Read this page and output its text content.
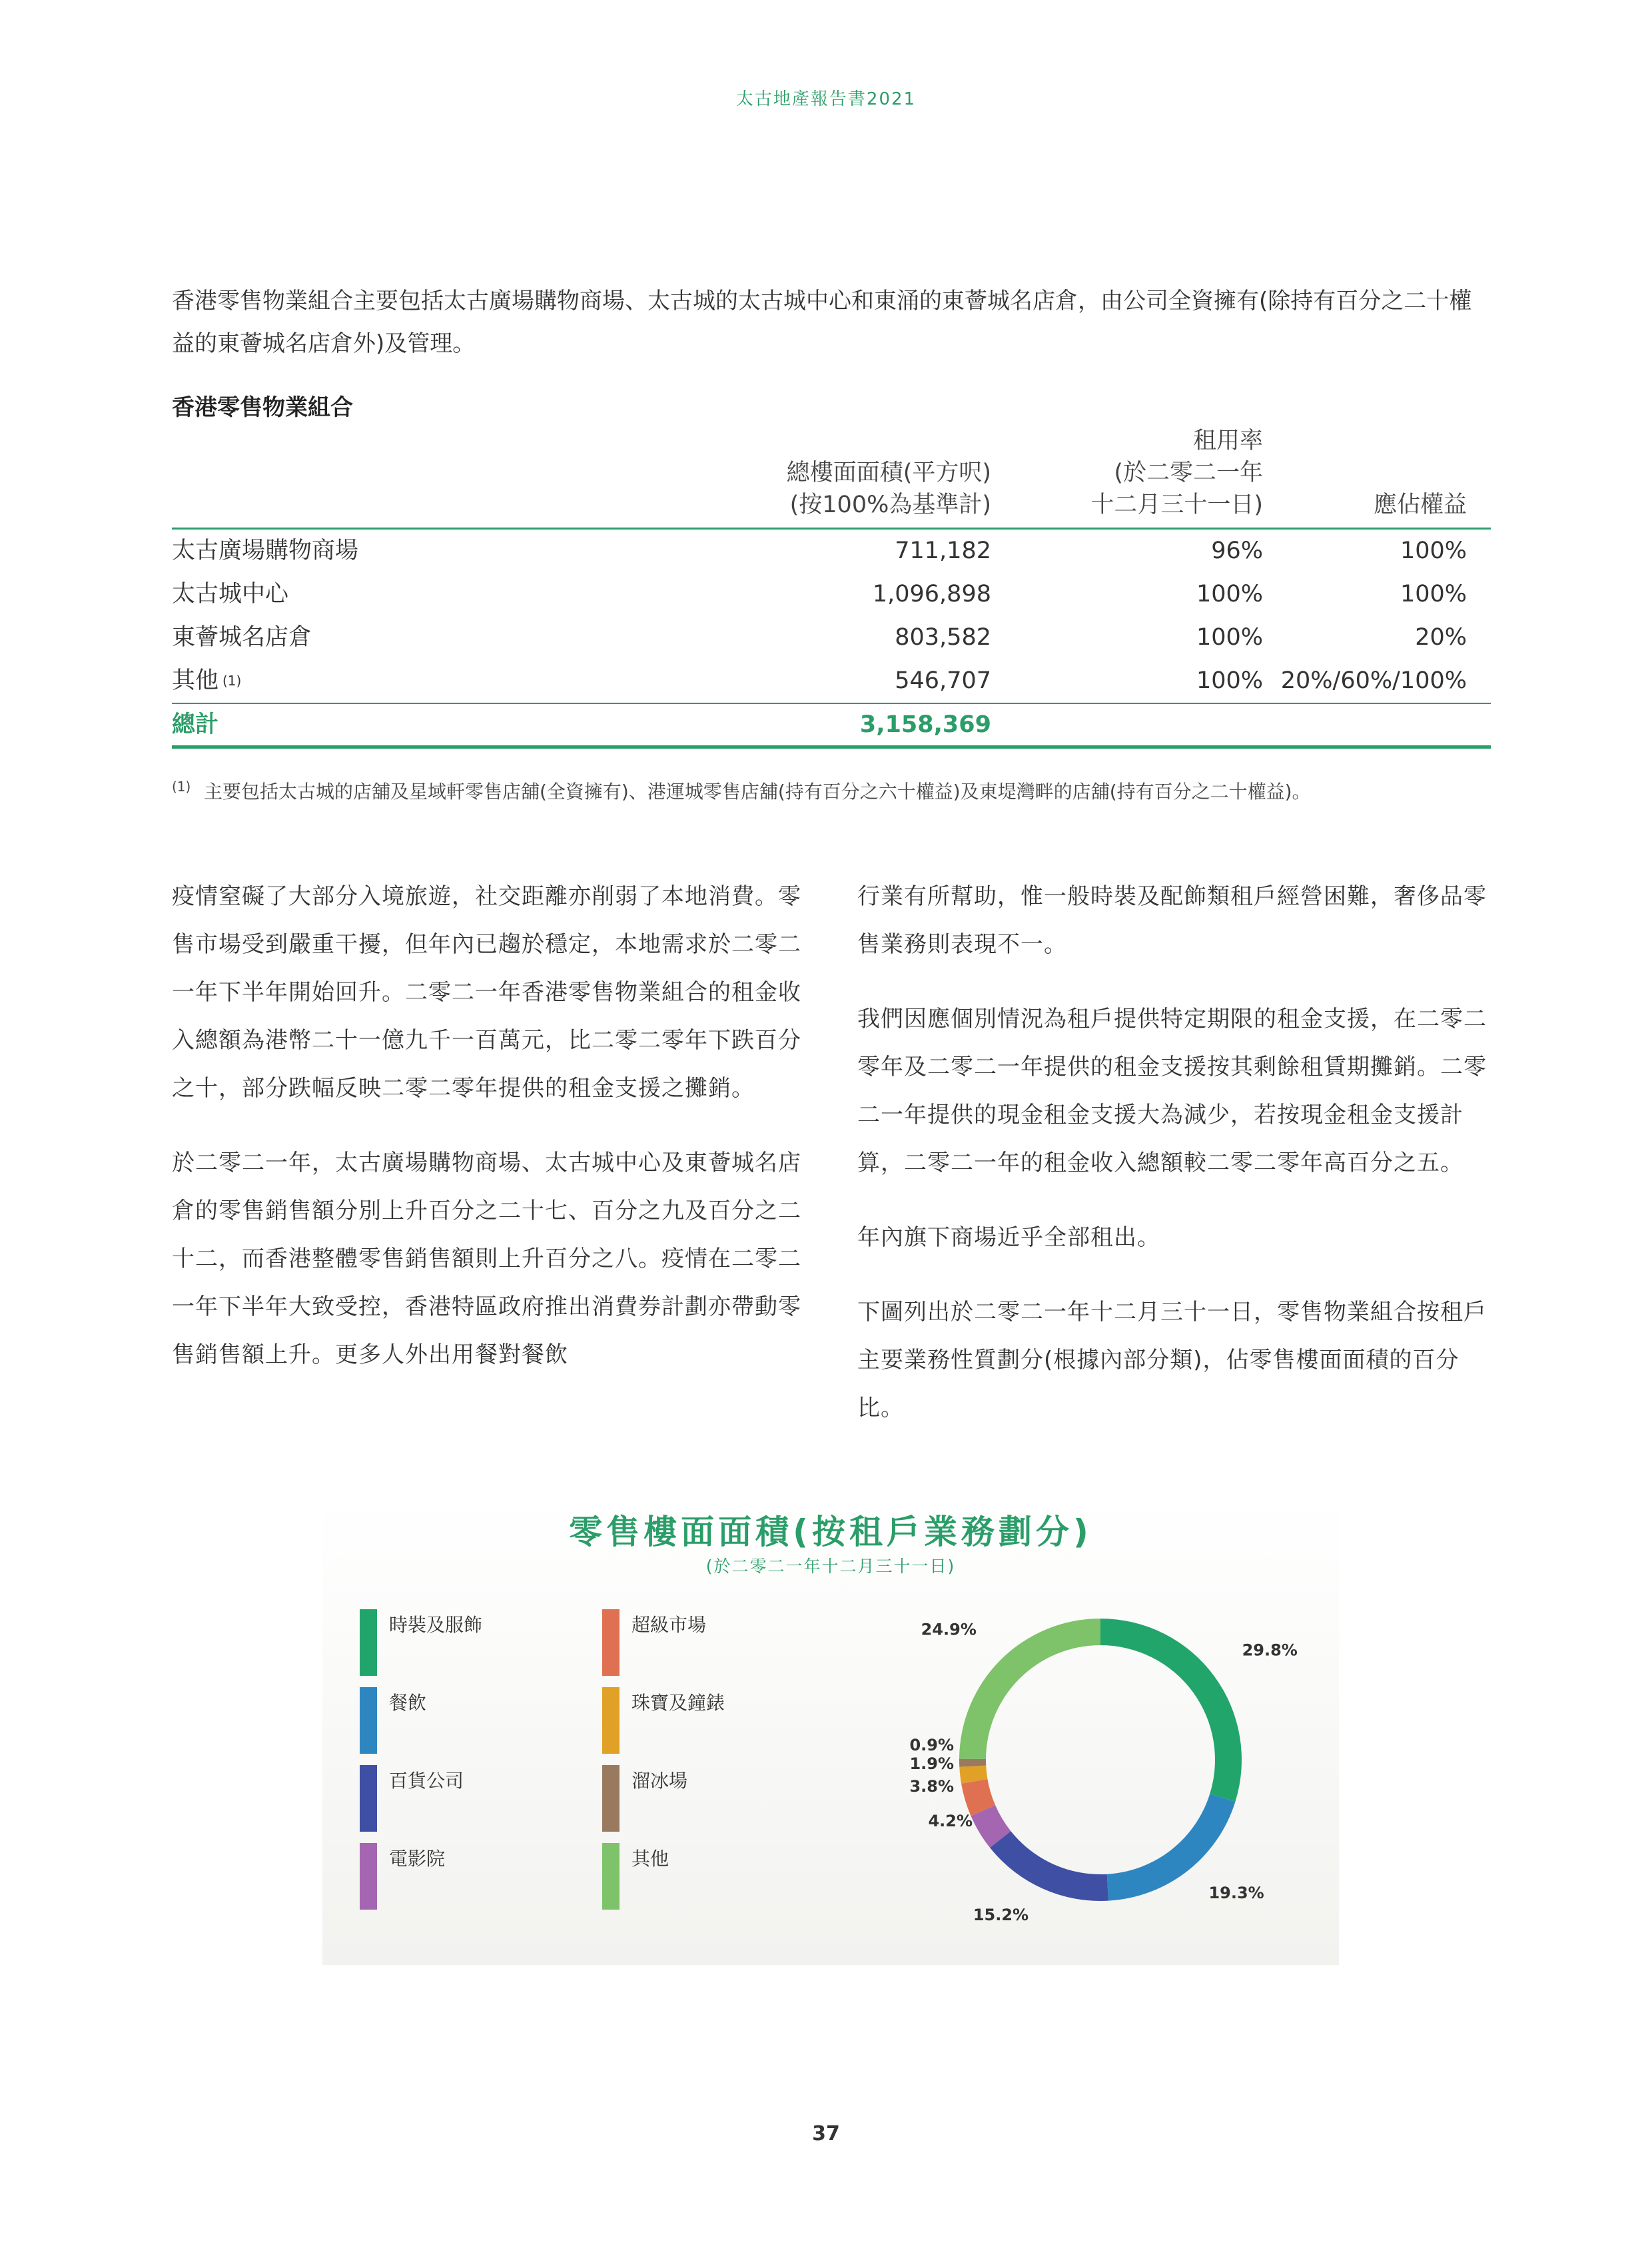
太古地產報告書2021
香港零售物業組合主要包括太古廣場購物商場、太古城的太古城中心和東涌的東薈城名店倉，由公司全資擁有(除持有百分之二十權益的東薈城名店倉外)及管理。
香港零售物業組合
總樓面面積(平方呎)
(按100%為基準計)
租用率
(於二零二一年
十二月三十一日)	應佔權益
太古廣場購物商場	711,182	96%	100%
太古城中心	1,096,898	100%	100%
東薈城名店倉	803,582	100%	20%
其他 $^{(1)}$	546,707	100% 20%/60%/100%
總計	3,158,369
(1) 主要包括太古城的店舖及星域軒零售店舖(全資擁有)、港運城零售店舖(持有百分之六十權益)及東堤灣畔的店舖(持有百分之二十權益)。

疫情窒礙了大部分入境旅遊，社交距離亦削弱了本地消費。零售市場受到嚴重干擾，但年內已趨於穩定，本地需求於二零二一年下半年開始回升。二零二一年香港零售物業組合的租金收入總額為港幣二十一億九千一百萬元，比二零二零年下跌百分之十，部分跌幅反映二零二零年提供的租金支援之攤銷。

於二零二一年，太古廣場購物商場、太古城中心及東薈城名店倉的零售銷售額分別上升百分之二十七、百分之九及百分之二十二，而香港整體零售銷售額則上升百分之八。疫情在二零二一年下半年大致受控，香港特區政府推出消費券計劃亦帶動零售銷售額上升。更多人外出用餐對餐飲

行業有所幫助，惟一般時裝及配飾類租戶經營困難，奢侈品零售業務則表現不一。

我們因應個別情況為租戶提供特定期限的租金支援，在二零二零年及二零二一年提供的租金支援按其剩餘租賃期攤銷。二零二一年提供的現金租金支援大為減少，若按現金租金支援計算，二零二一年的租金收入總額較二零二零年高百分之五。

年內旗下商場近乎全部租出。

下圖列出於二零二一年十二月三十一日，零售物業組合按租戶主要業務性質劃分(根據內部分類)，佔零售樓面面積的百分比。

零售樓面面積(按租戶業務劃分)
(於二零二一年十二月三十一日)
時裝及服飾
餐飲
百貨公司
電影院
超級市場
珠寶及鐘錶
溜冰場
其他
29.8%
19.3%
15.2%
4.2%
3.8%
1.9%
0.9%
24.9%
37
